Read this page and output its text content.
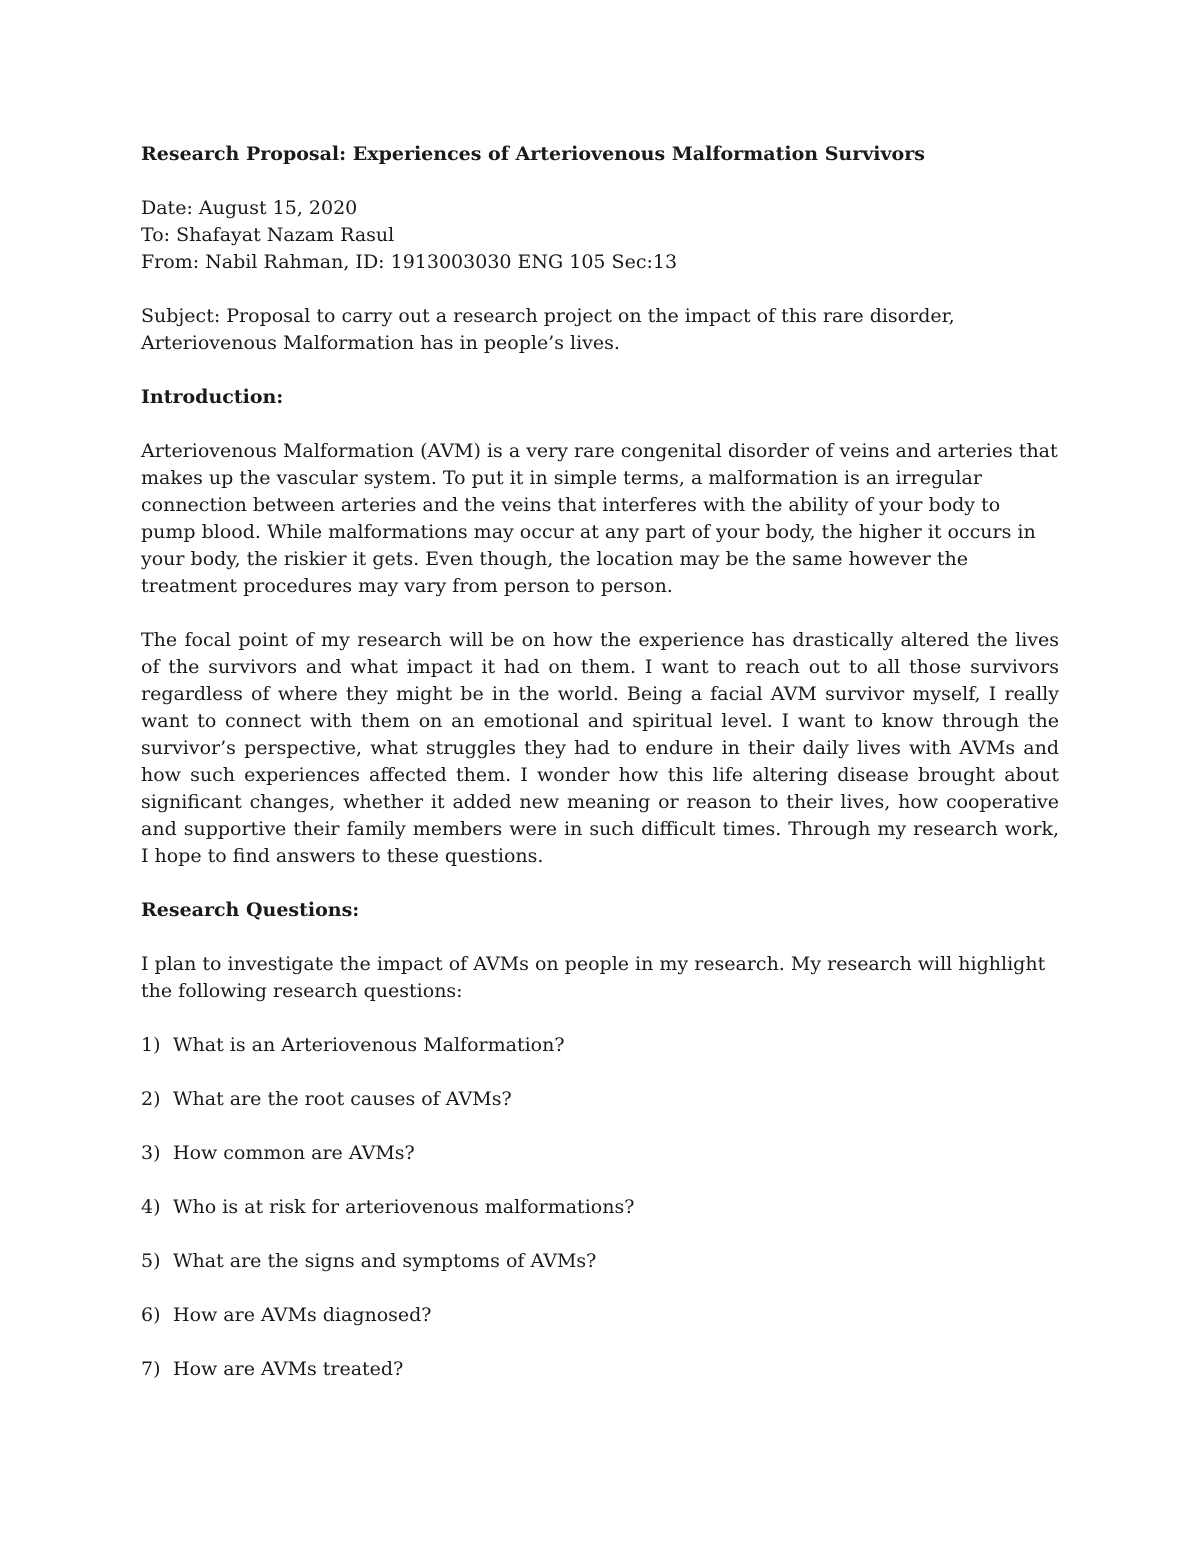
Research Proposal: Experiences of Arteriovenous Malformation Survivors

Date: August 15, 2020

To: Shafayat Nazam Rasul

From: Nabil Rahman, ID: 1913003030 ENG 105 Sec:13

Subject: Proposal to carry out a research project on the impact of this rare disorder, Arteriovenous Malformation has in people’s lives.

Introduction:

Arteriovenous Malformation (AVM) is a very rare congenital disorder of veins and arteries that makes up the vascular system. To put it in simple terms, a malformation is an irregular connection between arteries and the veins that interferes with the ability of your body to pump blood. While malformations may occur at any part of your body, the higher it occurs in your body, the riskier it gets. Even though, the location may be the same however the treatment procedures may vary from person to person.

The focal point of my research will be on how the experience has drastically altered the lives of the survivors and what impact it had on them. I want to reach out to all those survivors regardless of where they might be in the world. Being a facial AVM survivor myself, I really want to connect with them on an emotional and spiritual level. I want to know through the survivor’s perspective, what struggles they had to endure in their daily lives with AVMs and how such experiences affected them. I wonder how this life altering disease brought about significant changes, whether it added new meaning or reason to their lives, how cooperative and supportive their family members were in such difficult times. Through my research work, I hope to find answers to these questions.

Research Questions:

I plan to investigate the impact of AVMs on people in my research. My research will highlight the following research questions:

1) What is an Arteriovenous Malformation?
2) What are the root causes of AVMs?
3) How common are AVMs?
4) Who is at risk for arteriovenous malformations?
5) What are the signs and symptoms of AVMs?
6) How are AVMs diagnosed?
7) How are AVMs treated?
